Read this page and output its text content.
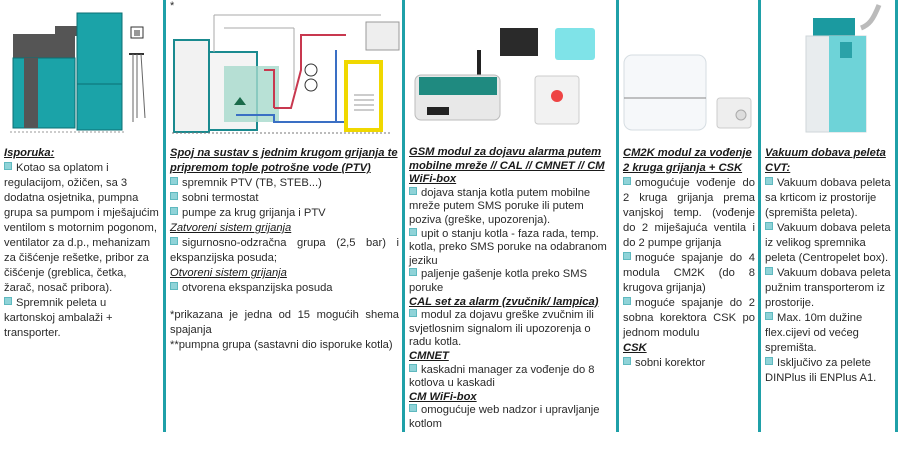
Isporuka:

Kotao sa oplatom i regulacijom, ožičen, sa 3 dodatna osjetnika, pumpna grupa sa pumpom i mješajućim ventilom s motornim pogonom, ventilator za d.p., mehanizam za čišćenje rešetke, pribor za čišćenje (greblica, četka, žarač, nosač pribora).

Spremnik peleta u kartonskoj ambalaži + transporter.

*

Spoj na sustav s jednim krugom grijanja te pripremom tople potrošne vode (PTV)

spremnik PTV (TB, STEB...)

sobni termostat

pumpe za krug grijanja i PTV

Zatvoreni sistem grijanja

sigurnosno-odzračna grupa (2,5 bar) i ekspanzijska posuda;

Otvoreni sistem grijanja

otvorena ekspanzijska posuda

*prikazana je jedna od 15 mogućih shema spajanja

**pumpna grupa (sastavni dio isporuke kotla)

GSM modul za dojavu alarma putem mobilne mreže // CAL // CMNET // CM WiFi-box

dojava stanja kotla putem mobilne mreže putem SMS poruke ili putem poziva (greške, upozorenja).

upit o stanju kotla - faza rada, temp. kotla, preko SMS poruke na odabranom jeziku

paljenje gašenje kotla preko SMS poruke

CAL set za alarm (zvučnik/ lampica)

modul za dojavu greške zvučnim ili svjetlosnim signalom ili upozorenja o radu kotla.

CMNET

kaskadni manager za vođenje do 8 kotlova u kaskadi

CM WiFi-box

omogućuje web nadzor i upravljanje kotlom

CM2K modul za vođenje 2 kruga grijanja + CSK

omogućuje vođenje do 2 kruga grijanja prema vanjskoj temp. (vođenje do 2 miješajuća ventila i do 2 pumpe grijanja

moguće spajanje do 4 modula CM2K (do 8 krugova grijanja)

moguće spajanje do 2 sobna korektora CSK po jednom modulu

CSK

sobni korektor

Vakuum dobava peleta CVT:

Vakuum dobava peleta sa krticom iz prostorije (spremišta peleta).

Vakuum dobava peleta iz velikog spremnika peleta (Centropelet box).

Vakuum dobava peleta pužnim transporterom iz prostorije.

Max. 10m dužine flex.cijevi od većeg spremišta.

Isključivo za pelete DINPlus ili ENPlus A1.
